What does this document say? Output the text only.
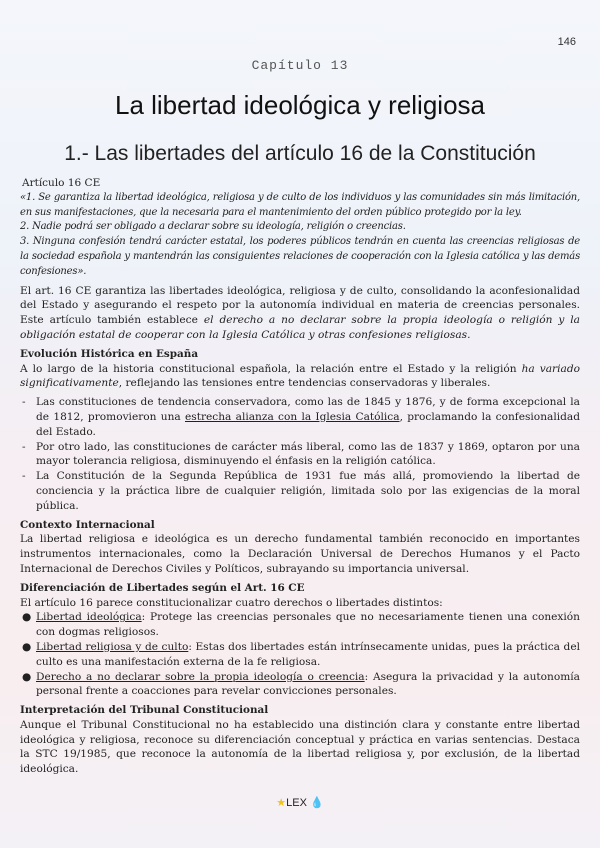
146
Capítulo 13
La libertad ideológica y religiosa
1.- Las libertades del artículo 16 de la Constitución
Artículo 16 CE
«1. Se garantiza la libertad ideológica, religiosa y de culto de los individuos y las comunidades sin más limitación, en sus manifestaciones, que la necesaria para el mantenimiento del orden público protegido por la ley.
2. Nadie podrá ser obligado a declarar sobre su ideología, religión o creencias.
3. Ninguna confesión tendrá carácter estatal, los poderes públicos tendrán en cuenta las creencias religiosas de la sociedad española y mantendrán las consiguientes relaciones de cooperación con la Iglesia católica y las demás confesiones».

El art. 16 CE garantiza las libertades ideológica, religiosa y de culto, consolidando la aconfesionalidad del Estado y asegurando el respeto por la autonomía individual en materia de creencias personales. Este artículo también establece el derecho a no declarar sobre la propia ideología o religión y la obligación estatal de cooperar con la Iglesia Católica y otras confesiones religiosas.

Evolución Histórica en España

A lo largo de la historia constitucional española, la relación entre el Estado y la religión ha variado significativamente, reflejando las tensiones entre tendencias conservadoras y liberales.

- Las constituciones de tendencia conservadora, como las de 1845 y 1876, y de forma excepcional la de 1812, promovieron una estrecha alianza con la Iglesia Católica, proclamando la confesionalidad del Estado.
- Por otro lado, las constituciones de carácter más liberal, como las de 1837 y 1869, optaron por una mayor tolerancia religiosa, disminuyendo el énfasis en la religión católica.
- La Constitución de la Segunda República de 1931 fue más allá, promoviendo la libertad de conciencia y la práctica libre de cualquier religión, limitada solo por las exigencias de la moral pública.
Contexto Internacional

La libertad religiosa e ideológica es un derecho fundamental también reconocido en importantes instrumentos internacionales, como la Declaración Universal de Derechos Humanos y el Pacto Internacional de Derechos Civiles y Políticos, subrayando su importancia universal.

Diferenciación de Libertades según el Art. 16 CE

El artículo 16 parece constitucionalizar cuatro derechos o libertades distintos:

● Libertad ideológica: Protege las creencias personales que no necesariamente tienen una conexión con dogmas religiosos.
● Libertad religiosa y de culto: Estas dos libertades están intrínsecamente unidas, pues la práctica del culto es una manifestación externa de la fe religiosa.
● Derecho a no declarar sobre la propia ideología o creencia: Asegura la privacidad y la autonomía personal frente a coacciones para revelar convicciones personales.
Interpretación del Tribunal Constitucional

Aunque el Tribunal Constitucional no ha establecido una distinción clara y constante entre libertad ideológica y religiosa, reconoce su diferenciación conceptual y práctica en varias sentencias. Destaca la STC 19/1985, que reconoce la autonomía de la libertad religiosa y, por exclusión, de la libertad ideológica.

★LEX 💧
